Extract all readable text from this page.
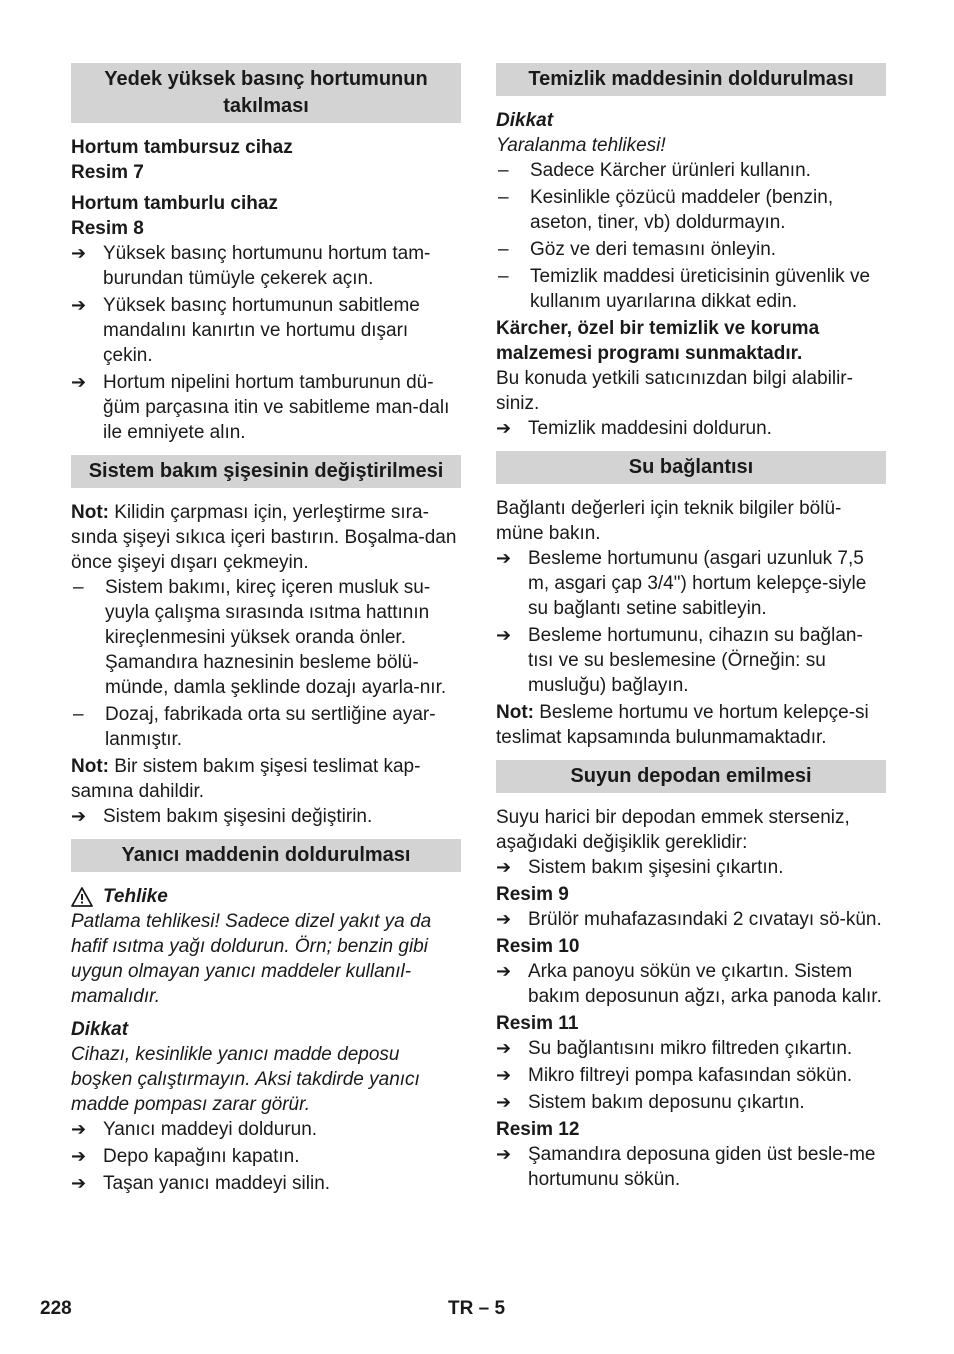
Yedek yüksek basınç hortumunun takılması

Hortum tambursuz cihaz

Resim 7

Hortum tamburlu cihaz

Resim 8

➔ Yüksek basınç hortumunu hortum tam-burundan tümüyle çekerek açın.
➔ Yüksek basınç hortumunun sabitleme mandalını kanırtın ve hortumu dışarı çekin.
➔ Hortum nipelini hortum tamburunun dü-ğüm parçasına itin ve sabitleme man-dalı ile emniyete alın.
Sistem bakım şişesinin değiştirilmesi

Not: Kilidin çarpması için, yerleştirme sıra-sında şişeyi sıkıca içeri bastırın. Boşalma-dan önce şişeyi dışarı çekmeyin.

–	Sistem bakımı, kireç içeren musluk su-yuyla çalışma sırasında ısıtma hattının kireçlenmesini yüksek oranda önler. Şamandıra haznesinin besleme bölü-münde, damla şeklinde dozajı ayarla-nır.
–	Dozaj, fabrikada orta su sertliğine ayar-lanmıştır.

Not: Bir sistem bakım şişesi teslimat kap-samına dahildir.

➔ Sistem bakım şişesini değiştirin.
Yanıcı maddenin doldurulması
Tehlike

Patlama tehlikesi! Sadece dizel yakıt ya da hafif ısıtma yağı doldurun. Örn; benzin gibi uygun olmayan yanıcı maddeler kullanıl-mamalıdır.

Dikkat

Cihazı, kesinlikle yanıcı madde deposu boşken çalıştırmayın. Aksi takdirde yanıcı madde pompası zarar görür.

➔ Yanıcı maddeyi doldurun.
➔ Depo kapağını kapatın.
➔ Taşan yanıcı maddeyi silin.
Temizlik maddesinin doldurulması

Dikkat

Yaralanma tehlikesi!

–	Sadece Kärcher ürünleri kullanın.
–	Kesinlikle çözücü maddeler (benzin, aseton, tiner, vb) doldurmayın.
–	Göz ve deri temasını önleyin.
–	Temizlik maddesi üreticisinin güvenlik ve kullanım uyarılarına dikkat edin.

Kärcher, özel bir temizlik ve koruma malzemesi programı sunmaktadır.

Bu konuda yetkili satıcınızdan bilgi alabilir-siniz.

➔ Temizlik maddesini doldurun.
Su bağlantısı

Bağlantı değerleri için teknik bilgiler bölü-müne bakın.

➔ Besleme hortumunu (asgari uzunluk 7,5 m, asgari çap 3/4") hortum kelepçe-siyle su bağlantı setine sabitleyin.
➔ Besleme hortumunu, cihazın su bağlan-tısı ve su beslemesine (Örneğin: su musluğu) bağlayın.

Not: Besleme hortumu ve hortum kelepçe-si teslimat kapsamında bulunmamaktadır.

Suyun depodan emilmesi

Suyu harici bir depodan emmek sterseniz, aşağıdaki değişiklik gereklidir:

➔ Sistem bakım şişesini çıkartın.

Resim 9

➔ Brülör muhafazasındaki 2 cıvatayı sö-kün.

Resim 10

➔ Arka panoyu sökün ve çıkartın. Sistem bakım deposunun ağzı, arka panoda kalır.

Resim 11

➔ Su bağlantısını mikro filtreden çıkartın.
➔ Mikro filtreyi pompa kafasından sökün.
➔ Sistem bakım deposunu çıkartın.

Resim 12

➔ Şamandıra deposuna giden üst besle-me hortumunu sökün.
228	TR – 5
